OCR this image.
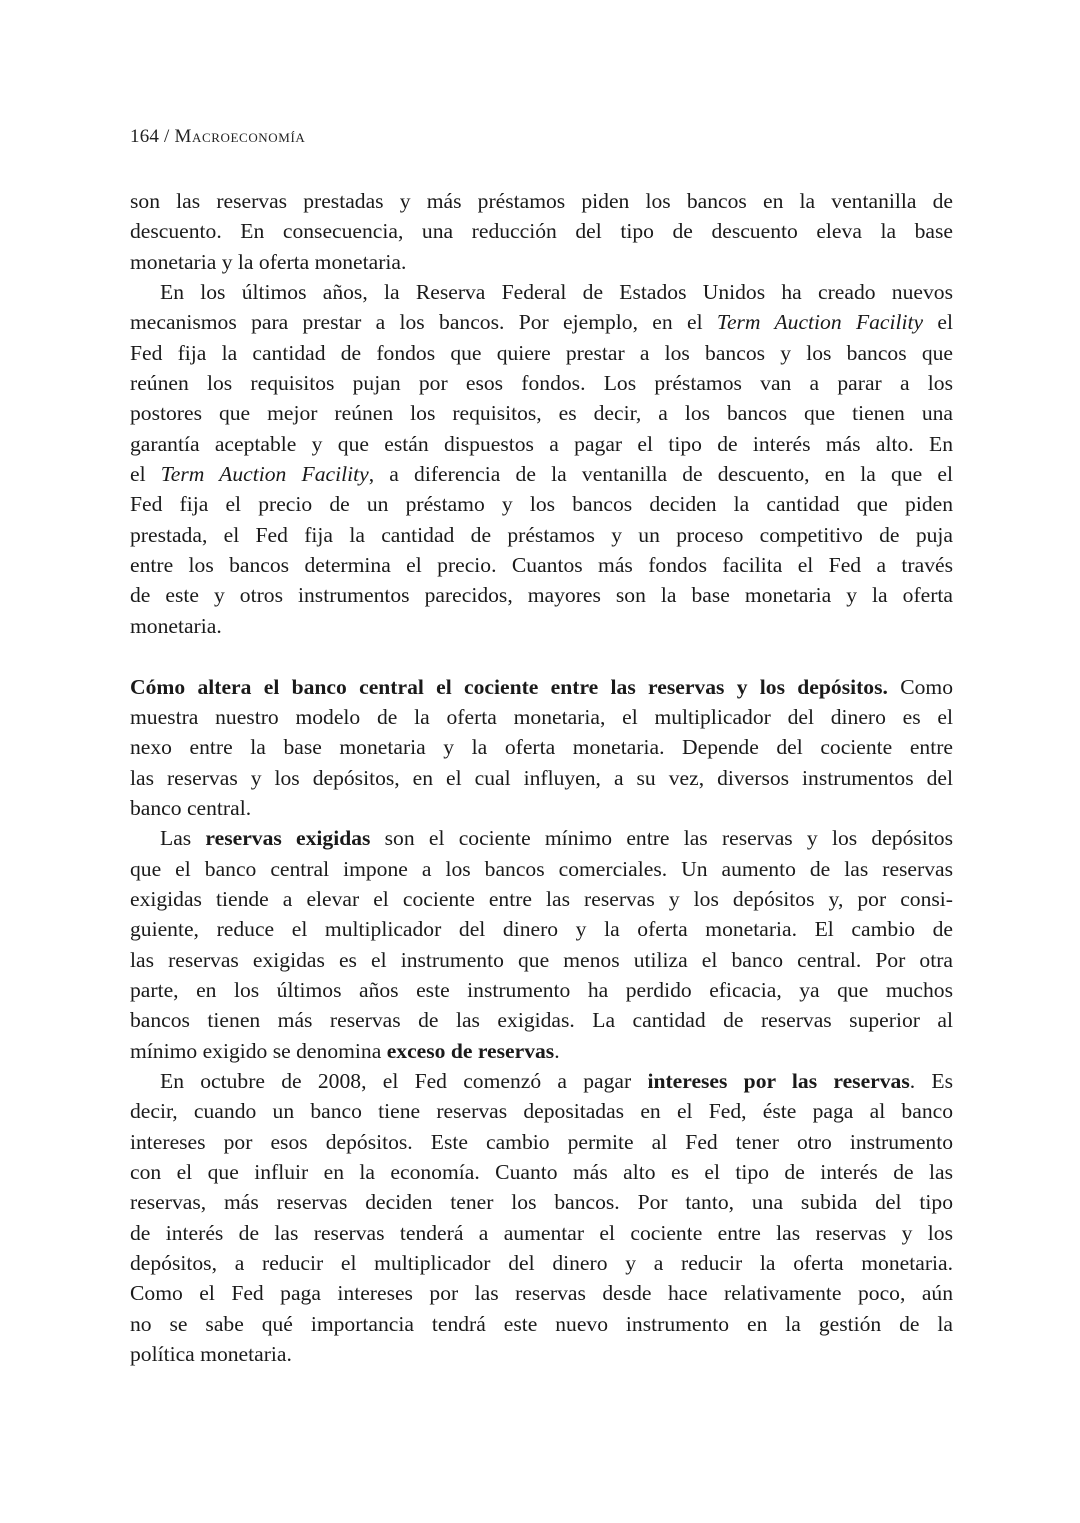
164 / Macroeconomía
son las reservas prestadas y más préstamos piden los bancos en la ventanilla de
descuento. En consecuencia, una reducción del tipo de descuento eleva la base
monetaria y la oferta monetaria.
En los últimos años, la Reserva Federal de Estados Unidos ha creado nuevos
mecanismos para prestar a los bancos. Por ejemplo, en el Term Auction Facility el
Fed fija la cantidad de fondos que quiere prestar a los bancos y los bancos que
reúnen los requisitos pujan por esos fondos. Los préstamos van a parar a los
postores que mejor reúnen los requisitos, es decir, a los bancos que tienen una
garantía aceptable y que están dispuestos a pagar el tipo de interés más alto. En
el Term Auction Facility, a diferencia de la ventanilla de descuento, en la que el
Fed fija el precio de un préstamo y los bancos deciden la cantidad que piden
prestada, el Fed fija la cantidad de préstamos y un proceso competitivo de puja
entre los bancos determina el precio. Cuantos más fondos facilita el Fed a través
de este y otros instrumentos parecidos, mayores son la base monetaria y la oferta
monetaria.
Cómo altera el banco central el cociente entre las reservas y los depósitos. Como
muestra nuestro modelo de la oferta monetaria, el multiplicador del dinero es el
nexo entre la base monetaria y la oferta monetaria. Depende del cociente entre
las reservas y los depósitos, en el cual influyen, a su vez, diversos instrumentos del
banco central.
Las reservas exigidas son el cociente mínimo entre las reservas y los depósitos
que el banco central impone a los bancos comerciales. Un aumento de las reservas
exigidas tiende a elevar el cociente entre las reservas y los depósitos y, por consi-
guiente, reduce el multiplicador del dinero y la oferta monetaria. El cambio de
las reservas exigidas es el instrumento que menos utiliza el banco central. Por otra
parte, en los últimos años este instrumento ha perdido eficacia, ya que muchos
bancos tienen más reservas de las exigidas. La cantidad de reservas superior al
mínimo exigido se denomina exceso de reservas.
En octubre de 2008, el Fed comenzó a pagar intereses por las reservas. Es
decir, cuando un banco tiene reservas depositadas en el Fed, éste paga al banco
intereses por esos depósitos. Este cambio permite al Fed tener otro instrumento
con el que influir en la economía. Cuanto más alto es el tipo de interés de las
reservas, más reservas deciden tener los bancos. Por tanto, una subida del tipo
de interés de las reservas tenderá a aumentar el cociente entre las reservas y los
depósitos, a reducir el multiplicador del dinero y a reducir la oferta monetaria.
Como el Fed paga intereses por las reservas desde hace relativamente poco, aún
no se sabe qué importancia tendrá este nuevo instrumento en la gestión de la
política monetaria.
